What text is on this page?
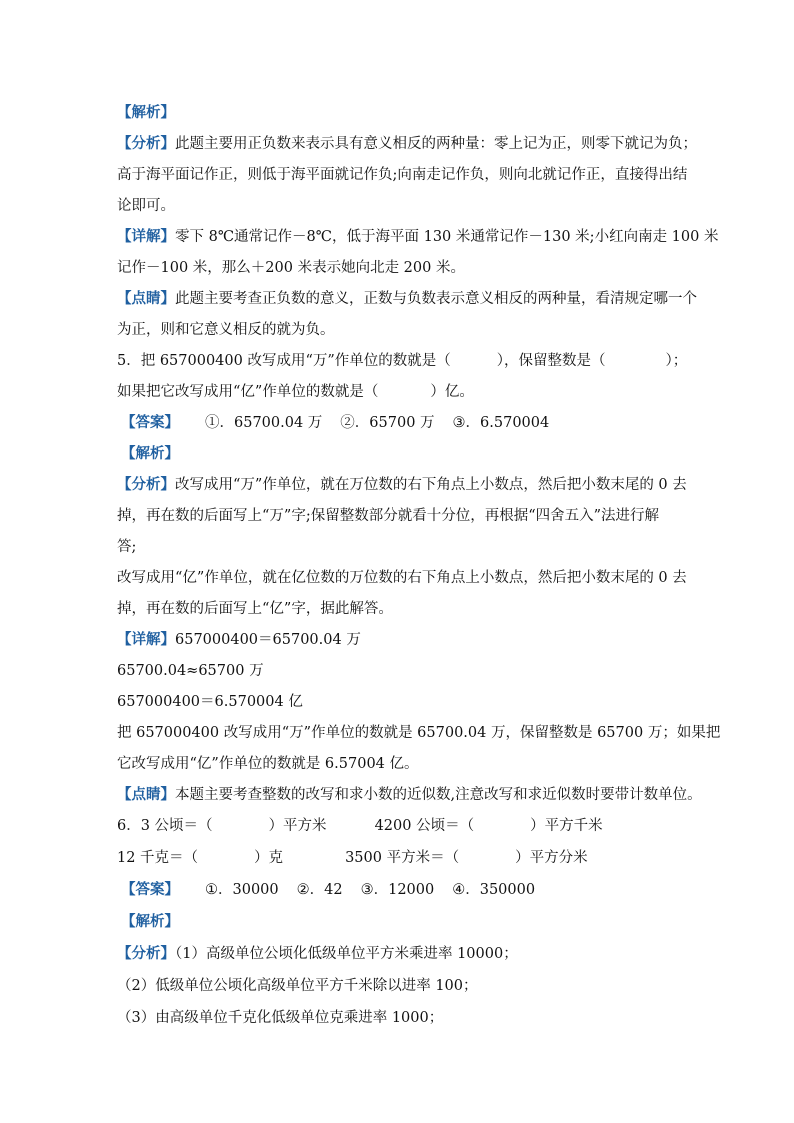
【解析】
【分析】此题主要用正负数来表示具有意义相反的两种量：零上记为正，则零下就记为负；
高于海平面记作正，则低于海平面就记作负;向南走记作负，则向北就记作正，直接得出结
论即可。
【详解】零下 8℃通常记作－8℃，低于海平面 130 米通常记作－130 米;小红向南走 100 米
记作－100 米，那么＋200 米表示她向北走 200 米。
【点睛】此题主要考查正负数的意义，正数与负数表示意义相反的两种量，看清规定哪一个
为正，则和它意义相反的就为负。
5．把 657000400 改写成用“万”作单位的数就是（	），保留整数是（	）；
如果把它改写成用“亿”作单位的数就是（	）亿。
【答案】 ①．65700.04 万 ②．65700 万 ③．6.570004
【解析】
【分析】改写成用“万”作单位，就在万位数的右下角点上小数点，然后把小数末尾的 0 去
掉，再在数的后面写上“万”字;保留整数部分就看十分位，再根据“四舍五入”法进行解
答;
改写成用“亿”作单位，就在亿位数的万位数的右下角点上小数点，然后把小数末尾的 0 去
掉，再在数的后面写上“亿”字，据此解答。
【详解】657000400＝65700.04 万
65700.04≈65700 万
657000400＝6.570004 亿
把 657000400 改写成用“万”作单位的数就是 65700.04 万，保留整数是 65700 万；如果把
它改写成用“亿”作单位的数就是 6.57004 亿。
【点睛】本题主要考查整数的改写和求小数的近似数,注意改写和求近似数时要带计数单位。
6．3 公顷＝（	）平方米	4200 公顷＝（	）平方千米
12 千克＝（	）克	3500 平方米＝（	）平方分米
【答案】 ①．30000 ②．42 ③．12000 ④．350000
【解析】
【分析】（1）高级单位公顷化低级单位平方米乘进率 10000；
（2）低级单位公顷化高级单位平方千米除以进率 100；
（3）由高级单位千克化低级单位克乘进率 1000；
